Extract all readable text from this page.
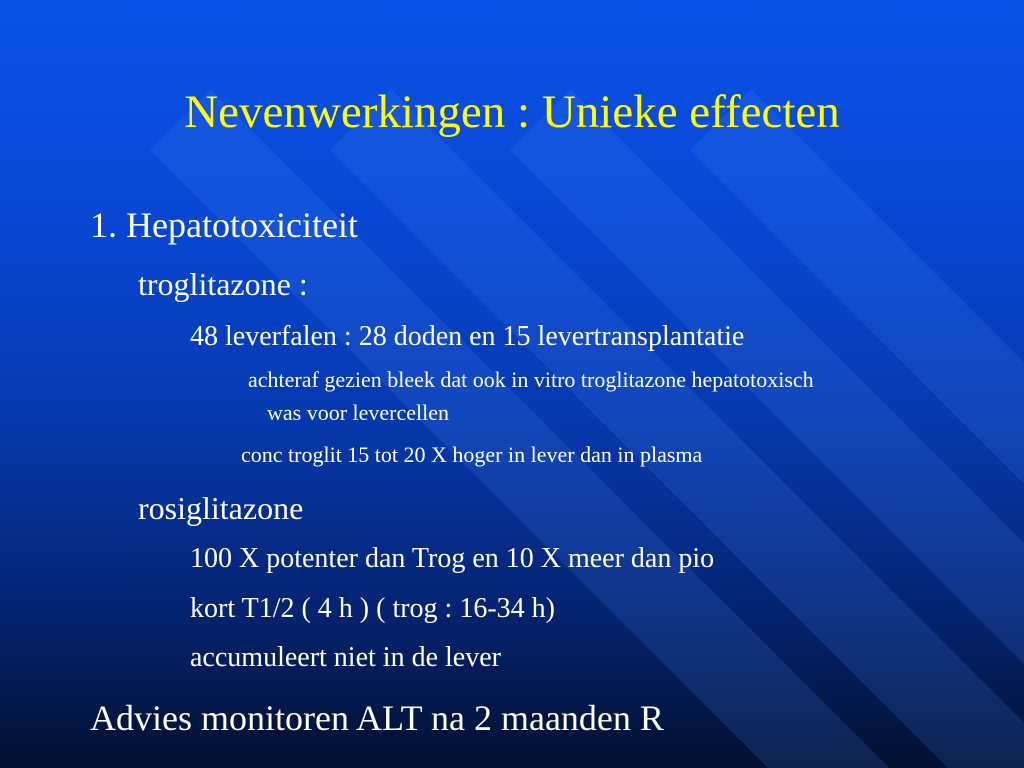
Nevenwerkingen : Unieke effecten
1. Hepatotoxiciteit
troglitazone :
48 leverfalen : 28 doden en 15 levertransplantatie
achteraf gezien bleek dat ook in vitro troglitazone hepatotoxisch
was voor levercellen
conc troglit 15 tot 20 X hoger in lever dan in plasma
rosiglitazone
100 X potenter dan Trog en 10 X meer dan pio
kort T1/2 ( 4 h ) ( trog : 16-34 h)
accumuleert niet in de lever
Advies monitoren ALT na 2 maanden R
